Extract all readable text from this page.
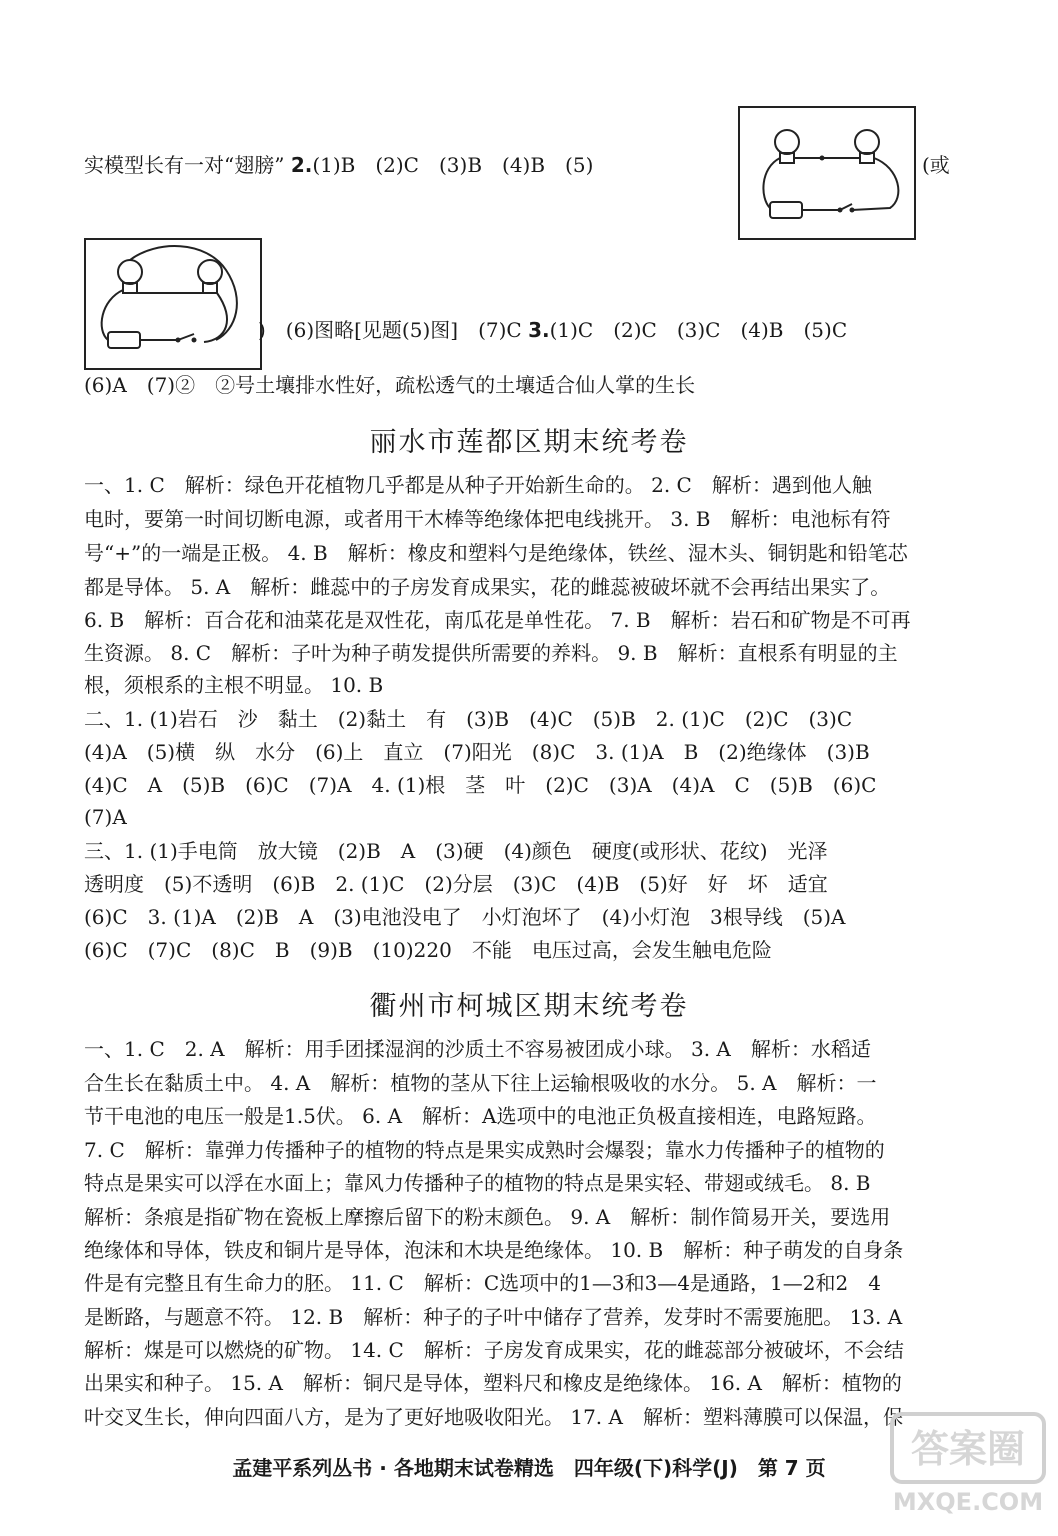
实模型长有一对“翅膀” 2.(1)B　(2)C　(3)B　(4)B　(5)	(或
)　(6)图略[见题(5)图]　(7)C 3.(1)C　(2)C　(3)C　(4)B　(5)C
(6)A　(7)②　②号土壤排水性好，疏松透气的土壤适合仙人掌的生长
丽水市莲都区期末统考卷
一、1. C　解析：绿色开花植物几乎都是从种子开始新生命的。 2. C　解析：遇到他人触
电时，要第一时间切断电源，或者用干木棒等绝缘体把电线挑开。 3. B　解析：电池标有符
号“+”的一端是正极。 4. B　解析：橡皮和塑料勺是绝缘体，铁丝、湿木头、铜钥匙和铅笔芯
都是导体。 5. A　解析：雌蕊中的子房发育成果实，花的雌蕊被破坏就不会再结出果实了。
6. B　解析：百合花和油菜花是双性花，南瓜花是单性花。 7. B　解析：岩石和矿物是不可再
生资源。 8. C　解析：子叶为种子萌发提供所需要的养料。 9. B　解析：直根系有明显的主
根，须根系的主根不明显。 10. B
二、1. (1)岩石　沙　黏土　(2)黏土　有　(3)B　(4)C　(5)B　2. (1)C　(2)C　(3)C
(4)A　(5)横　纵　水分　(6)上　直立　(7)阳光　(8)C　3. (1)A　B　(2)绝缘体　(3)B
(4)C　A　(5)B　(6)C　(7)A　4. (1)根　茎　叶　(2)C　(3)A　(4)A　C　(5)B　(6)C
(7)A
三、1. (1)手电筒　放大镜　(2)B　A　(3)硬　(4)颜色　硬度(或形状、花纹)　光泽
透明度　(5)不透明　(6)B　2. (1)C　(2)分层　(3)C　(4)B　(5)好　好　坏　适宜
(6)C　3. (1)A　(2)B　A　(3)电池没电了　小灯泡坏了　(4)小灯泡　3根导线　(5)A
(6)C　(7)C　(8)C　B　(9)B　(10)220　不能　电压过高，会发生触电危险
衢州市柯城区期末统考卷
一、1. C　2. A　解析：用手团揉湿润的沙质土不容易被团成小球。 3. A　解析：水稻适
合生长在黏质土中。 4. A　解析：植物的茎从下往上运输根吸收的水分。 5. A　解析：一
节干电池的电压一般是1.5伏。 6. A　解析：A选项中的电池正负极直接相连，电路短路。
7. C　解析：靠弹力传播种子的植物的特点是果实成熟时会爆裂；靠水力传播种子的植物的
特点是果实可以浮在水面上；靠风力传播种子的植物的特点是果实轻、带翅或绒毛。 8. B
解析：条痕是指矿物在瓷板上摩擦后留下的粉末颜色。 9. A　解析：制作简易开关，要选用
绝缘体和导体，铁皮和铜片是导体，泡沫和木块是绝缘体。 10. B　解析：种子萌发的自身条
件是有完整且有生命力的胚。 11. C　解析：C选项中的1—3和3—4是通路，1—2和2　4
是断路，与题意不符。 12. B　解析：种子的子叶中储存了营养，发芽时不需要施肥。 13. A
解析：煤是可以燃烧的矿物。 14. C　解析：子房发育成果实，花的雌蕊部分被破坏，不会结
出果实和种子。 15. A　解析：铜尺是导体，塑料尺和橡皮是绝缘体。 16. A　解析：植物的
叶交叉生长，伸向四面八方，是为了更好地吸收阳光。 17. A　解析：塑料薄膜可以保温，保
孟建平系列丛书 · 各地期末试卷精选　四年级(下)科学(J)　第 7 页	答案圈
MXQE.COM
